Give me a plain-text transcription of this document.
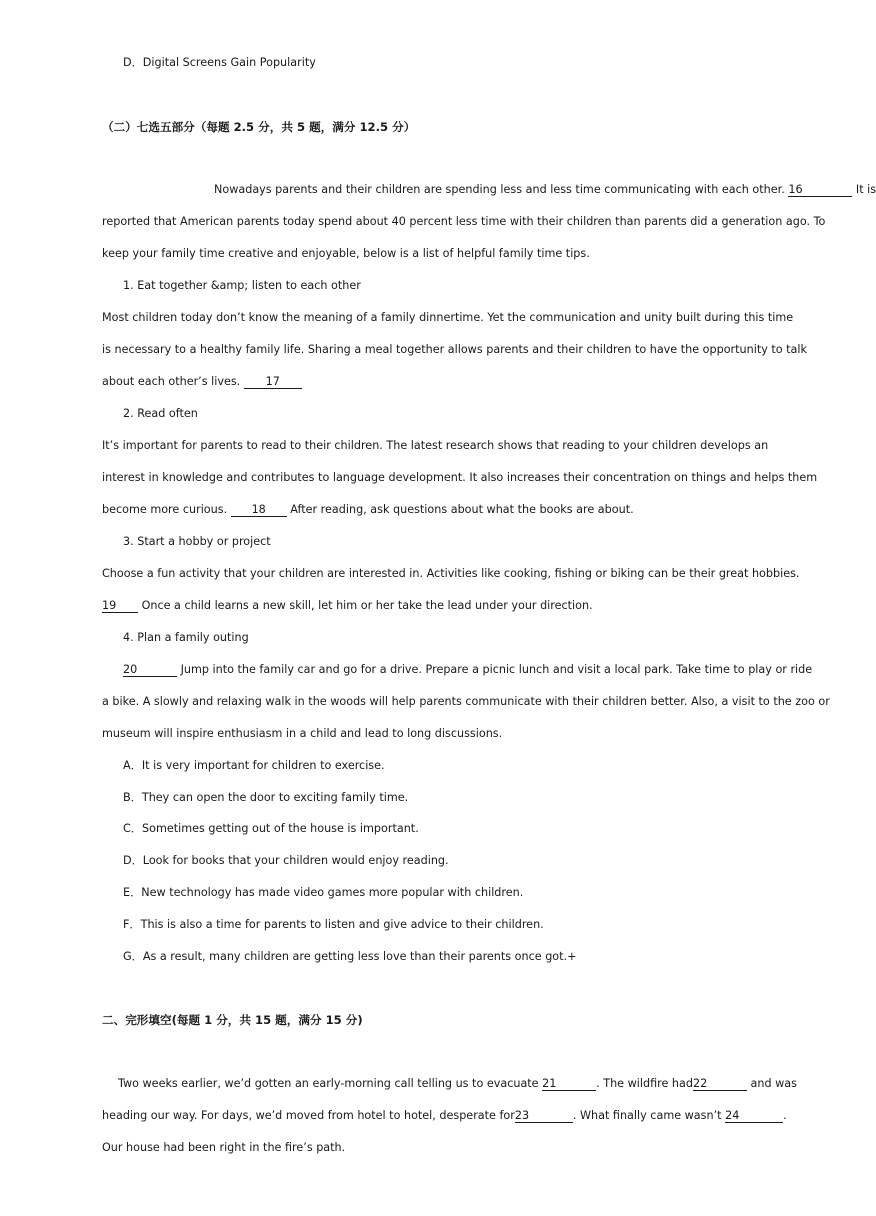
D．Digital Screens Gain Popularity
（二）七选五部分（每题 2.5 分，共 5 题，满分 12.5 分）
Nowadays parents and their children are spending less and less time communicating with each other. 16	It is
reported that American parents today spend about 40 percent less time with their children than parents did a generation ago. To
keep your family time creative and enjoyable, below is a list of helpful family time tips.
1. Eat together &amp; listen to each other
Most children today don’t know the meaning of a family dinnertime. Yet the communication and unity built during this time
is necessary to a healthy family life. Sharing a meal together allows parents and their children to have the opportunity to talk
about each other’s lives. 17
2. Read often
It’s important for parents to read to their children. The latest research shows that reading to your children develops an
interest in knowledge and contributes to language development. It also increases their concentration on things and helps them
become more curious. 18 After reading, ask questions about what the books are about.
3. Start a hobby or project
Choose a fun activity that your children are interested in. Activities like cooking, fishing or biking can be their great hobbies.
19 Once a child learns a new skill, let him or her take the lead under your direction.
4. Plan a family outing
20	Jump into the family car and go for a drive. Prepare a picnic lunch and visit a local park. Take time to play or ride
a bike. A slowly and relaxing walk in the woods will help parents communicate with their children better. Also, a visit to the zoo or
museum will inspire enthusiasm in a child and lead to long discussions.
A．It is very important for children to exercise.
B．They can open the door to exciting family time.
C．Sometimes getting out of the house is important.
D．Look for books that your children would enjoy reading.
E．New technology has made video games more popular with children.
F．This is also a time for parents to listen and give advice to their children.
G．As a result, many children are getting less love than their parents once got.+
二、完形填空(每题 1 分，共 15 题，满分 15 分)
Two weeks earlier, we’d gotten an early-morning call telling us to evacuate 21	. The wildfire had22	and was
heading our way. For days, we’d moved from hotel to hotel, desperate for23	. What finally came wasn’t 24	.
Our house had been right in the fire’s path.
